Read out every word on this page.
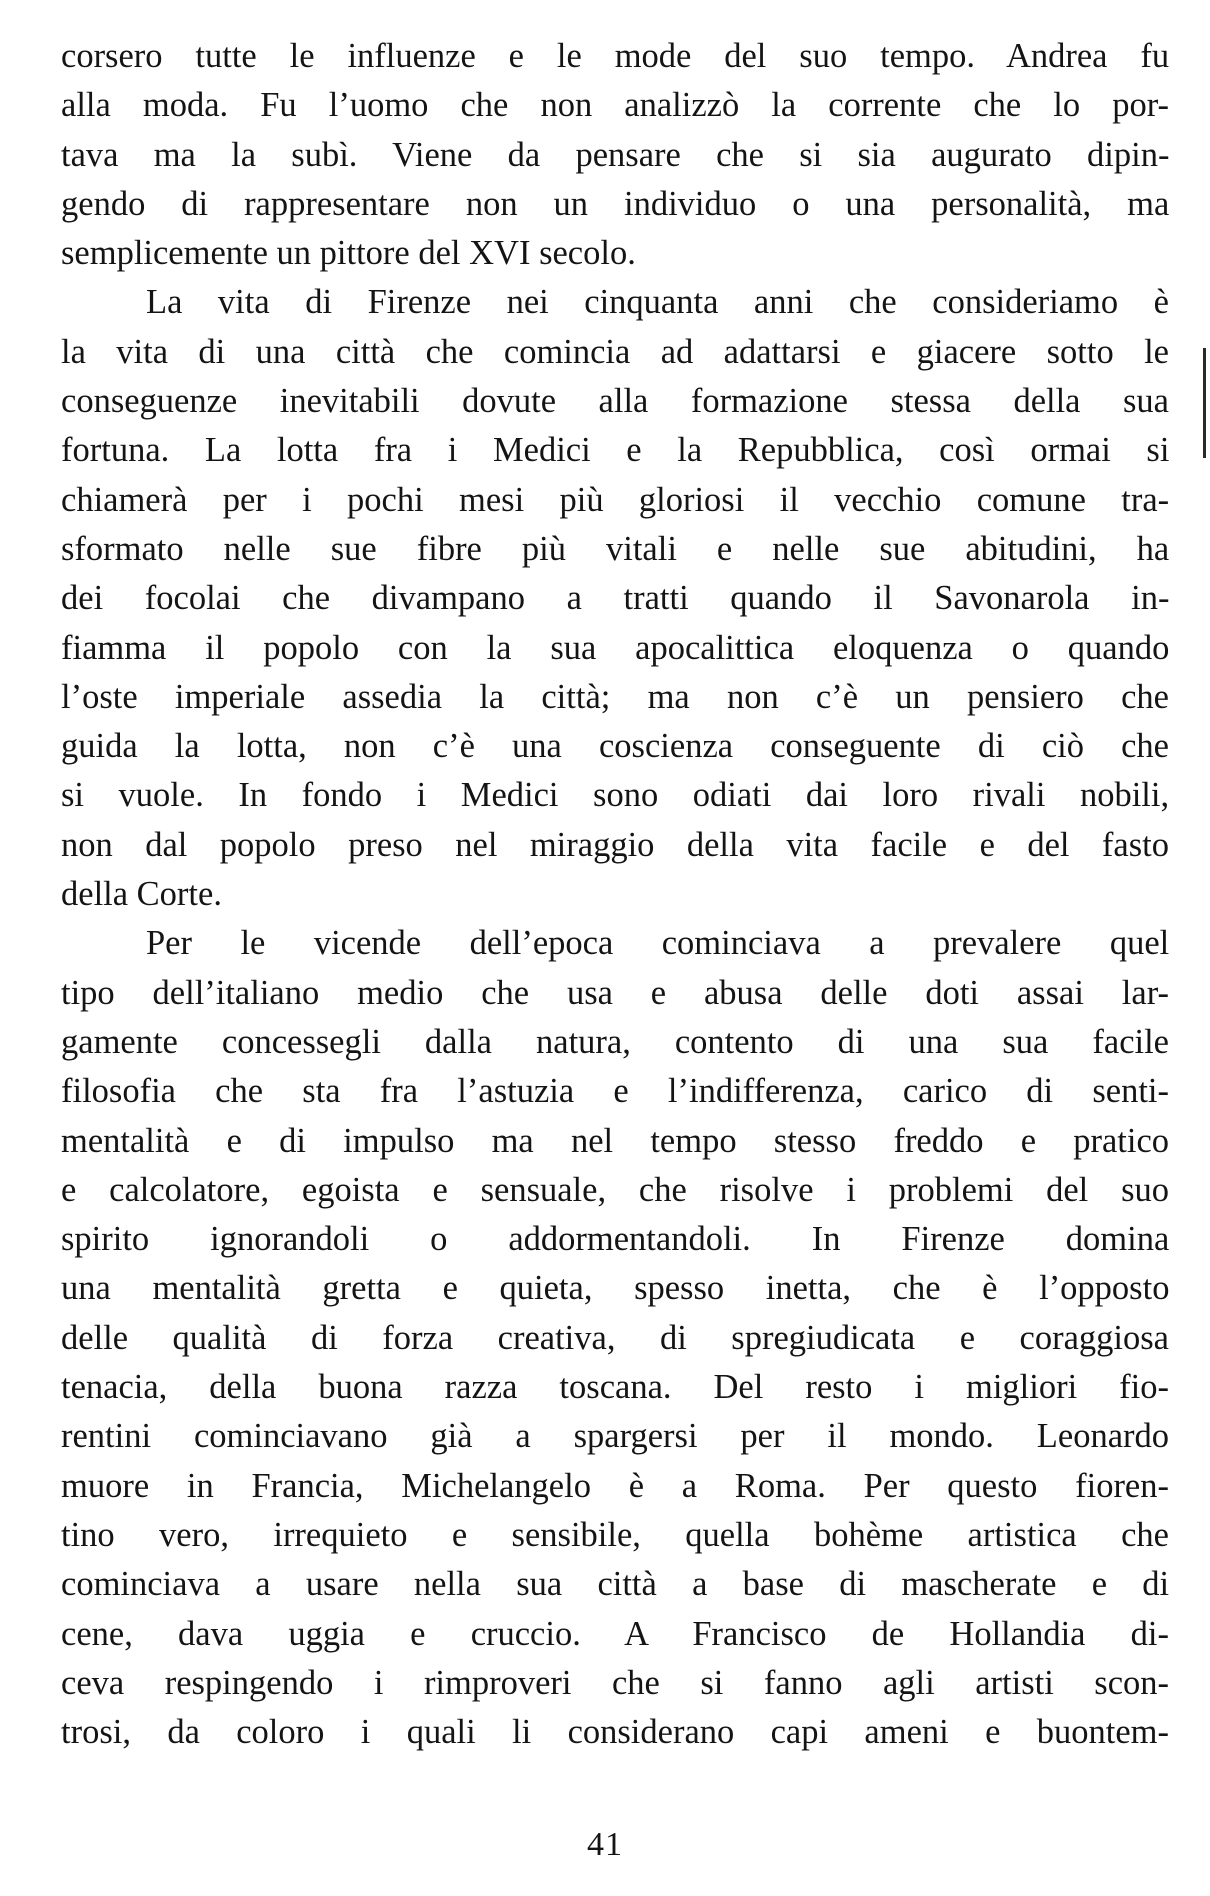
corsero tutte le influenze e le mode del suo tempo. Andrea fu
alla moda. Fu l’uomo che non analizzò la corrente che lo por-
tava ma la subì. Viene da pensare che si sia augurato dipin-
gendo di rappresentare non un individuo o una personalità, ma
semplicemente un pittore del XVI secolo.

La vita di Firenze nei cinquanta anni che consideriamo è
la vita di una città che comincia ad adattarsi e giacere sotto le
conseguenze inevitabili dovute alla formazione stessa della sua
fortuna. La lotta fra i Medici e la Repubblica, così ormai si
chiamerà per i pochi mesi più gloriosi il vecchio comune tra-
sformato nelle sue fibre più vitali e nelle sue abitudini, ha
dei focolai che divampano a tratti quando il Savonarola in-
fiamma il popolo con la sua apocalittica eloquenza o quando
l’oste imperiale assedia la città; ma non c’è un pensiero che
guida la lotta, non c’è una coscienza conseguente di ciò che
si vuole. In fondo i Medici sono odiati dai loro rivali nobili,
non dal popolo preso nel miraggio della vita facile e del fasto
della Corte.

Per le vicende dell’epoca cominciava a prevalere quel
tipo dell’italiano medio che usa e abusa delle doti assai lar-
gamente concessegli dalla natura, contento di una sua facile
filosofia che sta fra l’astuzia e l’indifferenza, carico di senti-
mentalità e di impulso ma nel tempo stesso freddo e pratico
e calcolatore, egoista e sensuale, che risolve i problemi del suo
spirito ignorandoli o addormentandoli. In Firenze domina
una mentalità gretta e quieta, spesso inetta, che è l’opposto
delle qualità di forza creativa, di spregiudicata e coraggiosa
tenacia, della buona razza toscana. Del resto i migliori fio-
rentini cominciavano già a spargersi per il mondo. Leonardo
muore in Francia, Michelangelo è a Roma. Per questo fioren-
tino vero, irrequieto e sensibile, quella bohème artistica che
cominciava a usare nella sua città a base di mascherate e di
cene, dava uggia e cruccio. A Francisco de Hollandia di-
ceva respingendo i rimproveri che si fanno agli artisti scon-
trosi, da coloro i quali li considerano capi ameni e buontem-

41
